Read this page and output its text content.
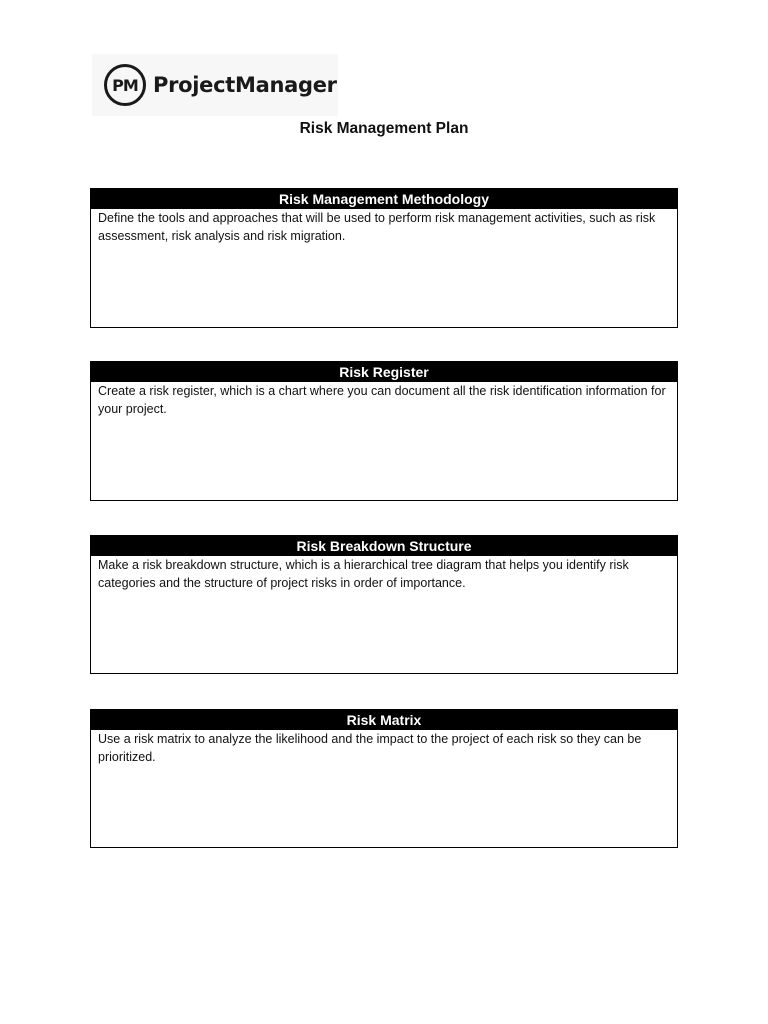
PM ProjectManager
Risk Management Plan
Risk Management Methodology
Define the tools and approaches that will be used to perform risk management activities, such as risk assessment, risk analysis and risk migration.
Risk Register
Create a risk register, which is a chart where you can document all the risk identification information for your project.
Risk Breakdown Structure
Make a risk breakdown structure, which is a hierarchical tree diagram that helps you identify risk categories and the structure of project risks in order of importance.
Risk Matrix
Use a risk matrix to analyze the likelihood and the impact to the project of each risk so they can be prioritized.
